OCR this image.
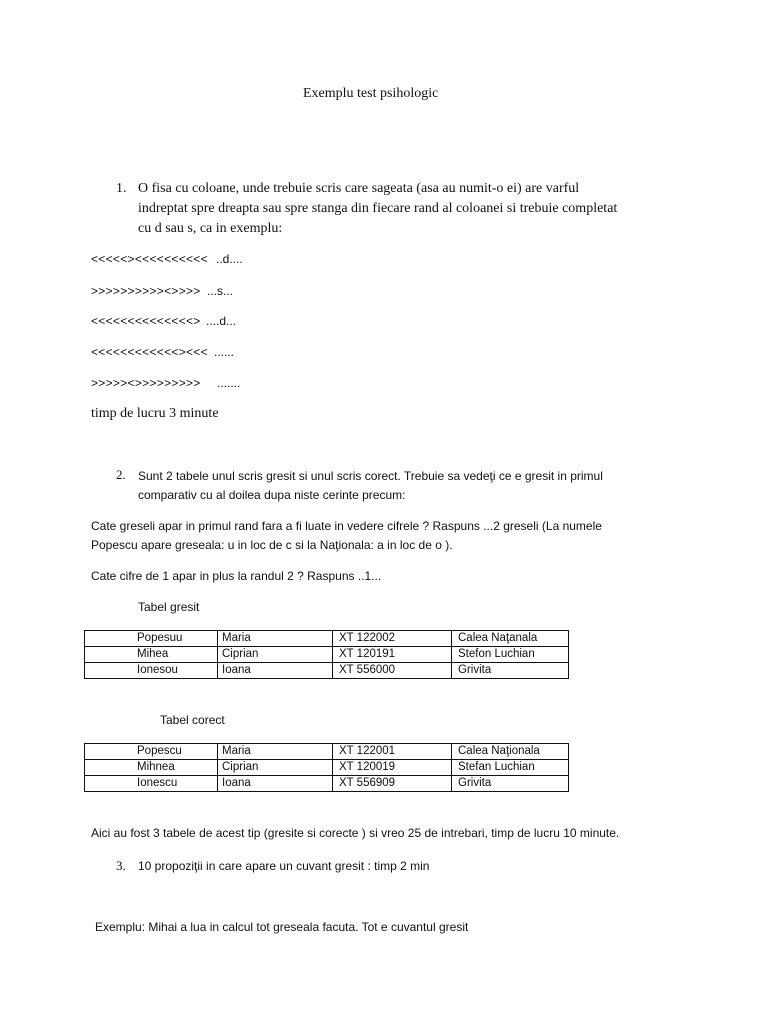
Exemplu test psihologic
1. O fisa cu coloane, unde trebuie scris care sageata (asa au numit-o ei) are varful
indreptat spre dreapta sau spre stanga din fiecare rand al coloanei si trebuie completat
cu d sau s, ca in exemplu:
<<<<<><<<<<<<<<< ..d....
>>>>>>>>>><>>>> ...s...
<<<<<<<<<<<<<<> ....d...
<<<<<<<<<<<<><<< ......
>>>>><>>>>>>>>> .......
timp de lucru 3 minute
2. Sunt 2 tabele unul scris gresit si unul scris corect. Trebuie sa vedeţi ce e gresit in primul
comparativ cu al doilea dupa niste cerinte precum:
Cate greseli apar in primul rand fara a fi luate in vedere cifrele ? Raspuns ...2 greseli (La numele
Popescu apare greseala: u in loc de c si la Naţionala: a in loc de o ).
Cate cifre de 1 apar in plus la randul 2 ? Raspuns ..1...
Tabel gresit
Popesuu	Maria	XT 122002	Calea Naţanala
Mihea	Ciprian	XT 120191	Stefon Luchian
Ionesou	Ioana	XT 556000	Grivita
Tabel corect
Popescu	Maria	XT 122001	Calea Naţionala
Mihnea	Ciprian	XT 120019	Stefan Luchian
Ionescu	Ioana	XT 556909	Grivita
Aici au fost 3 tabele de acest tip (gresite si corecte ) si vreo 25 de intrebari, timp de lucru 10 minute.
3. 10 propoziţii in care apare un cuvant gresit : timp 2 min
Exemplu: Mihai a lua in calcul tot greseala facuta. Tot e cuvantul gresit
